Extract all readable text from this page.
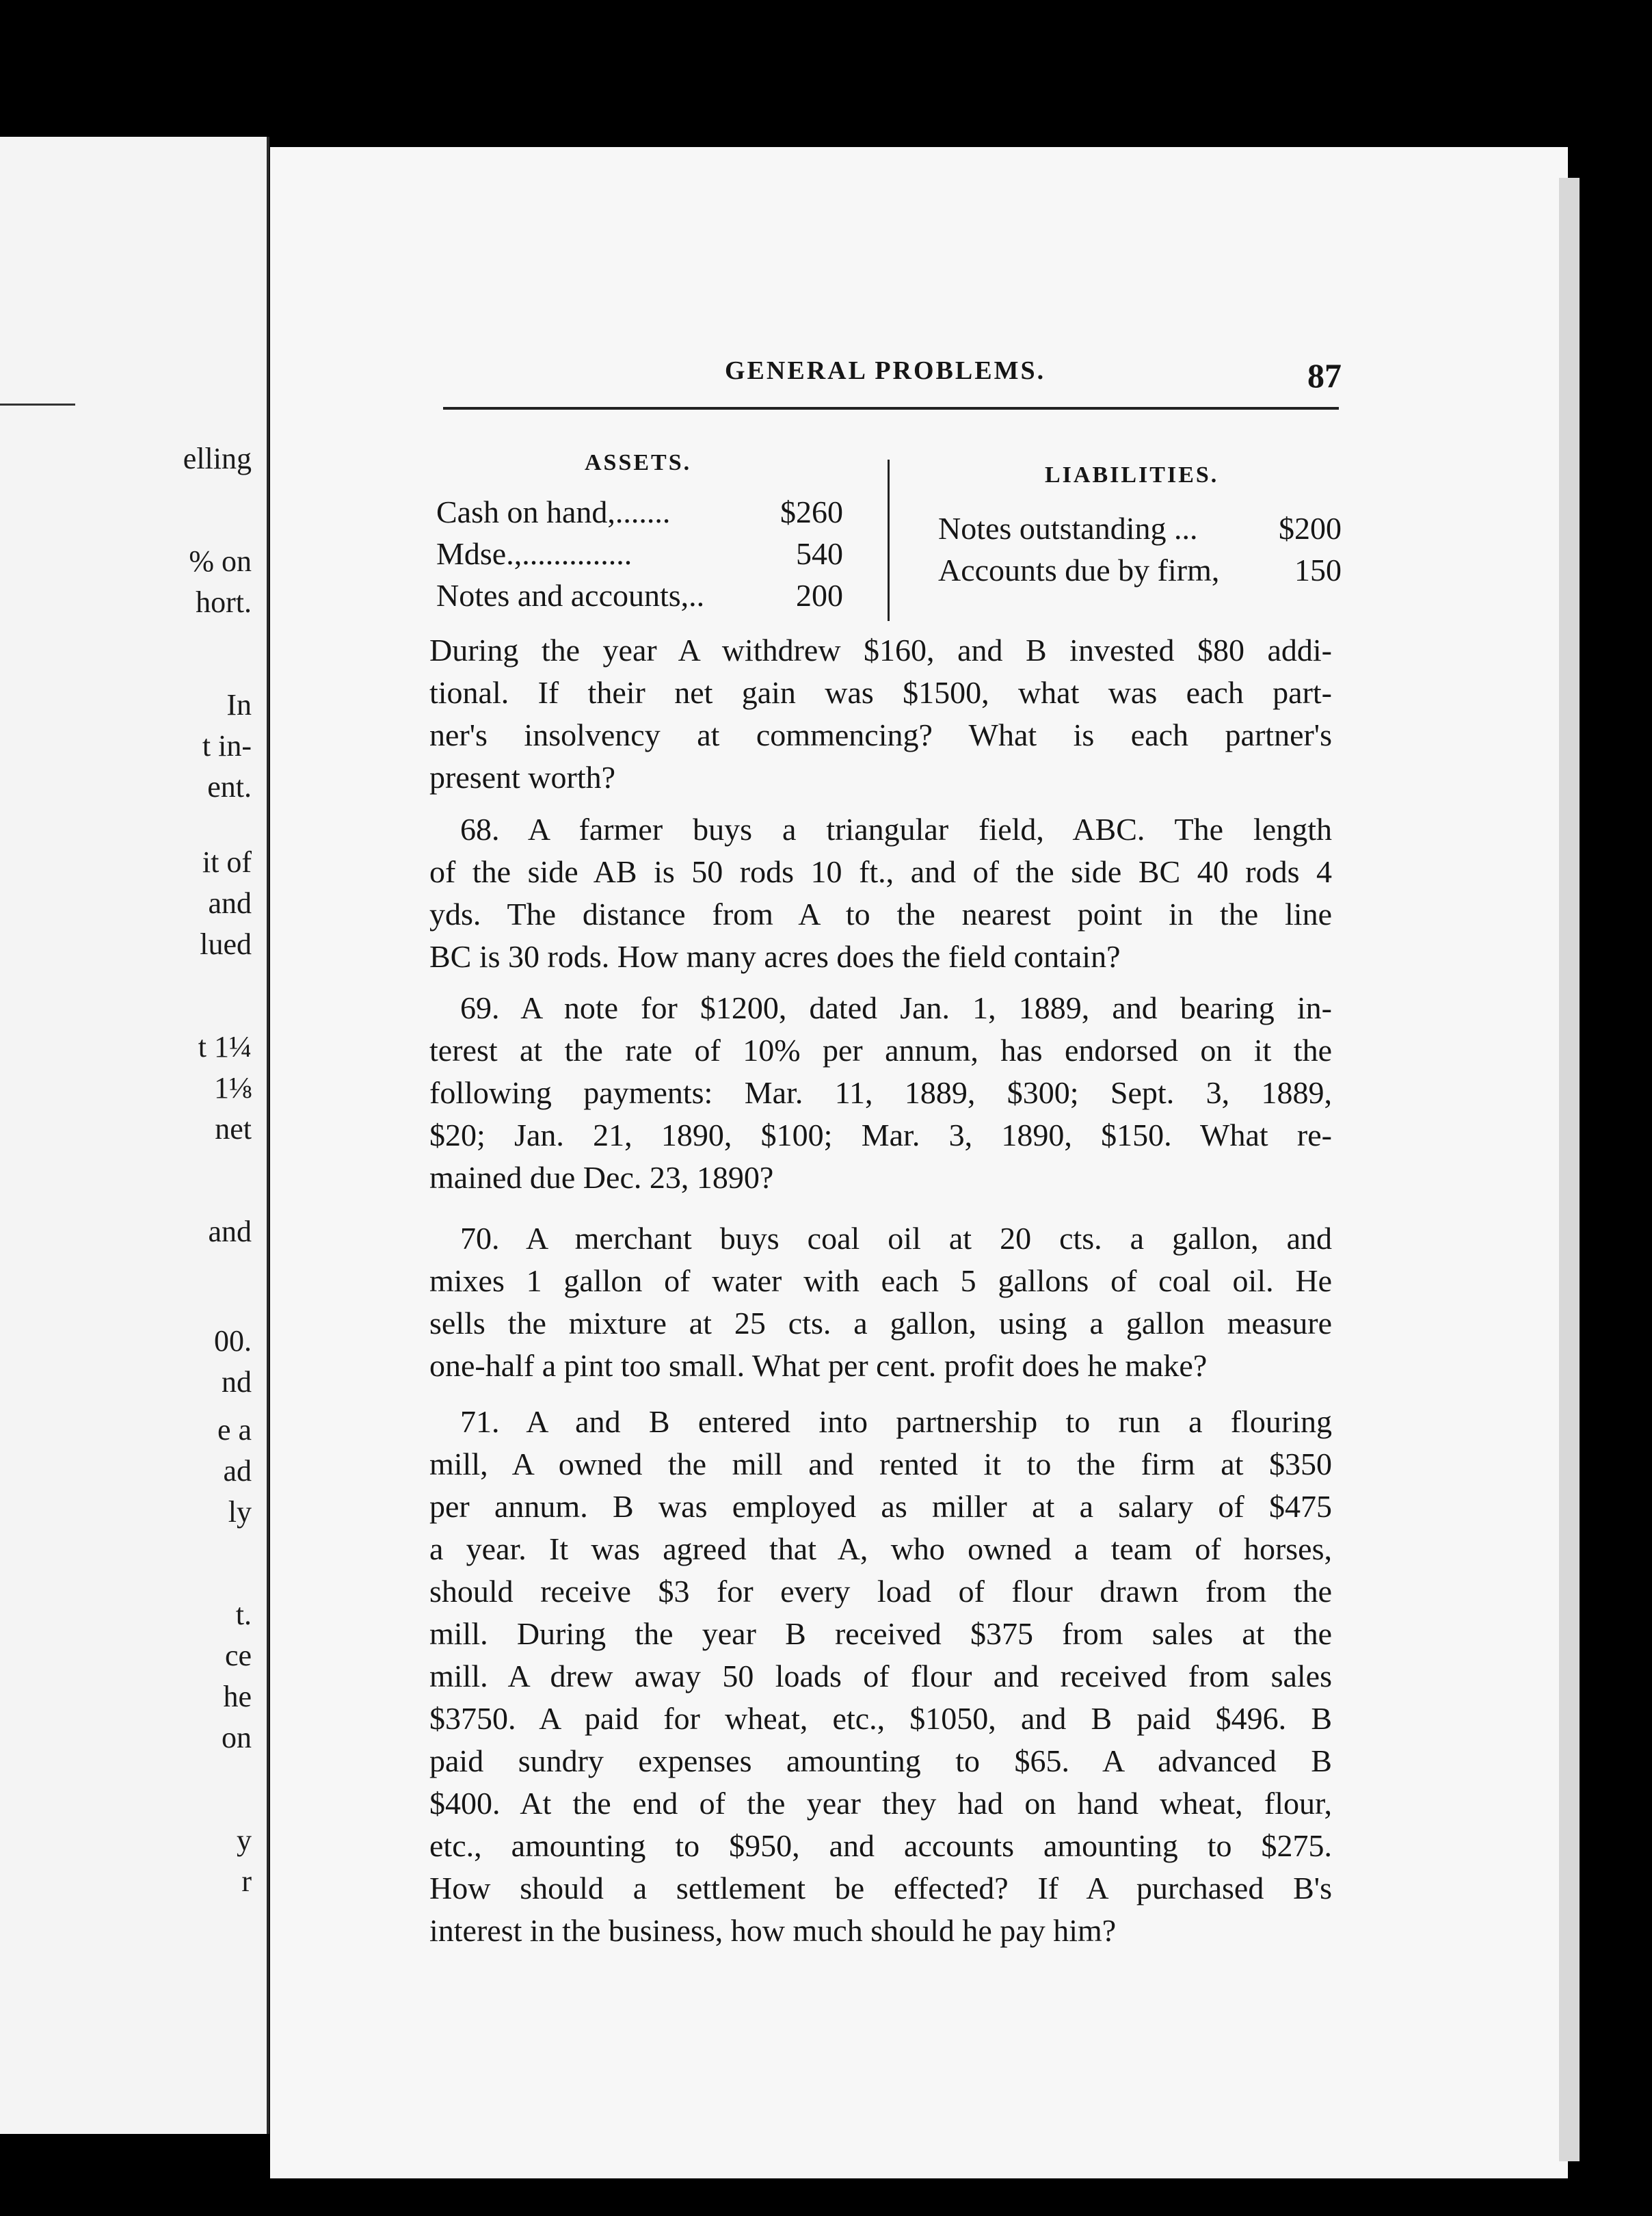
elling
% on
hort.
In
t in-
ent.
it of
and
lued
t 1¼
1⅛
net
and
00.
nd
e a
ad
ly
t.
ce
he
on
y
r
GENERAL PROBLEMS.	87
ASSETS.
Cash on hand,.......	$260
Mdse.,..............	540
Notes and accounts,..	200
LIABILITIES.
Notes outstanding ...	$200
Accounts due by firm, 150
During the year A withdrew $160, and B invested $80 addi-
tional. If their net gain was $1500, what was each part-
ner's insolvency at commencing? What is each partner's
present worth?
68. A farmer buys a triangular field, ABC. The length
of the side AB is 50 rods 10 ft., and of the side BC 40 rods 4
yds. The distance from A to the nearest point in the line
BC is 30 rods. How many acres does the field contain?
69. A note for $1200, dated Jan. 1, 1889, and bearing in-
terest at the rate of 10% per annum, has endorsed on it the
following payments: Mar. 11, 1889, $300; Sept. 3, 1889,
$20; Jan. 21, 1890, $100; Mar. 3, 1890, $150. What re-
mained due Dec. 23, 1890?
70. A merchant buys coal oil at 20 cts. a gallon, and
mixes 1 gallon of water with each 5 gallons of coal oil. He
sells the mixture at 25 cts. a gallon, using a gallon measure
one-half a pint too small. What per cent. profit does he make?
71. A and B entered into partnership to run a flouring
mill, A owned the mill and rented it to the firm at $350
per annum. B was employed as miller at a salary of $475
a year. It was agreed that A, who owned a team of horses,
should receive $3 for every load of flour drawn from the
mill. During the year B received $375 from sales at the
mill. A drew away 50 loads of flour and received from sales
$3750. A paid for wheat, etc., $1050, and B paid $496. B
paid sundry expenses amounting to $65. A advanced B
$400. At the end of the year they had on hand wheat, flour,
etc., amounting to $950, and accounts amounting to $275.
How should a settlement be effected? If A purchased B's
interest in the business, how much should he pay him?
